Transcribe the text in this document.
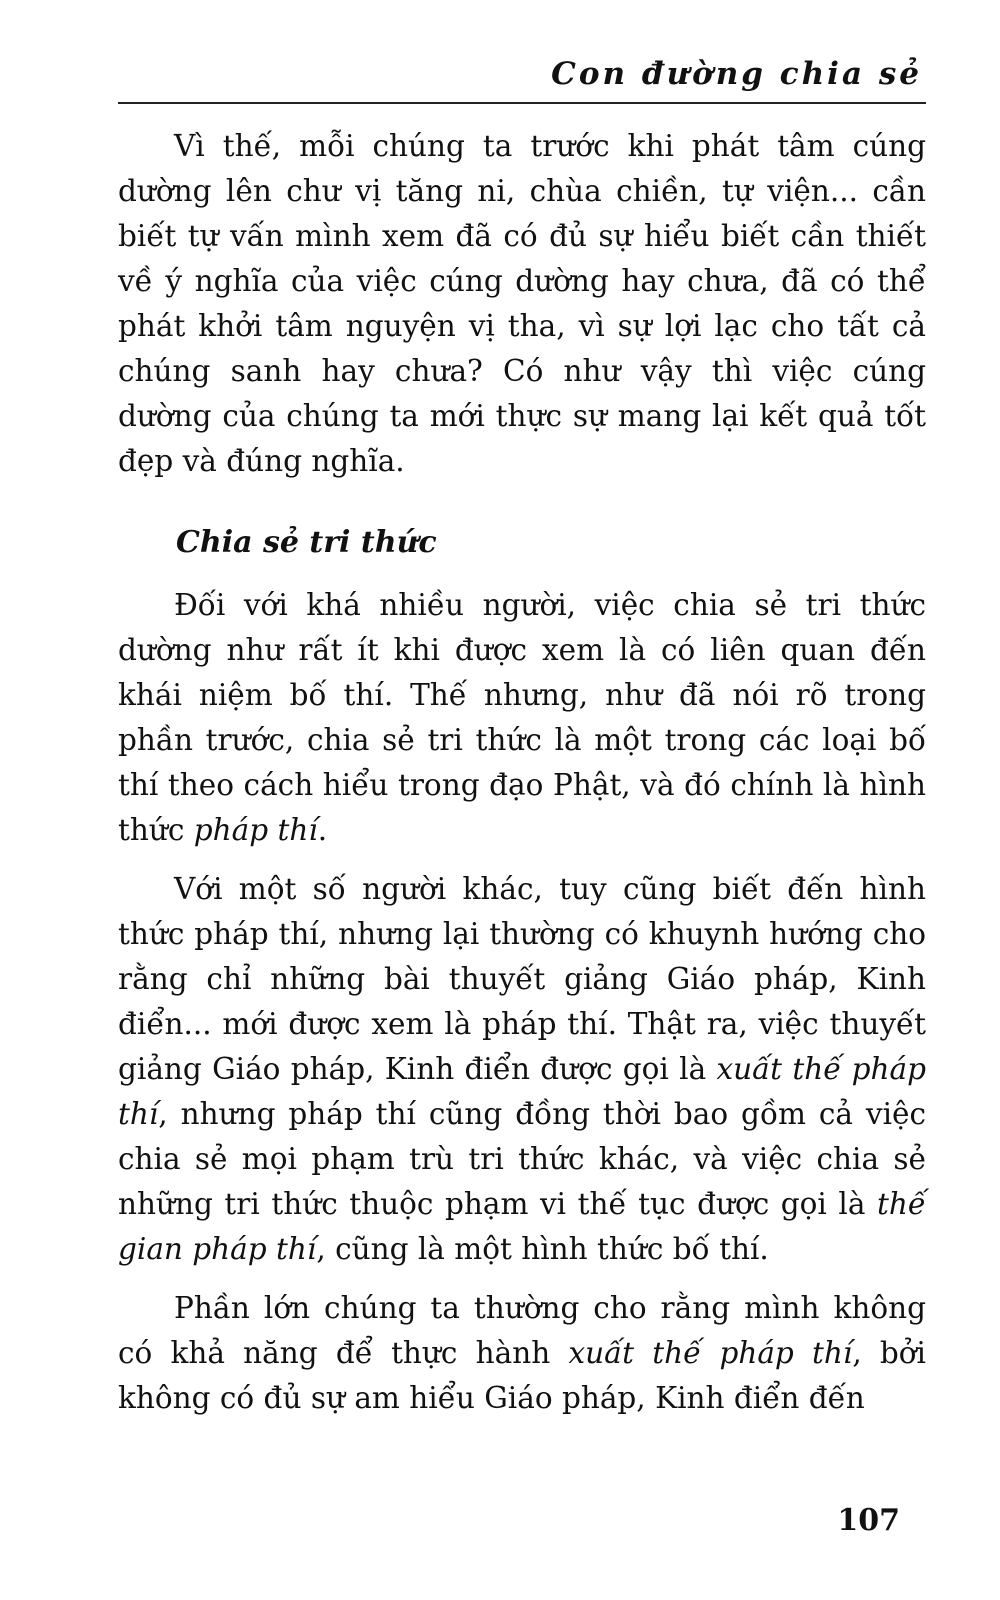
Con đường chia sẻ

Vì thế, mỗi chúng ta trước khi phát tâm cúng dường lên chư vị tăng ni, chùa chiền, tự viện... cần biết tự vấn mình xem đã có đủ sự hiểu biết cần thiết về ý nghĩa của việc cúng dường hay chưa, đã có thể phát khởi tâm nguyện vị tha, vì sự lợi lạc cho tất cả chúng sanh hay chưa? Có như vậy thì việc cúng dường của chúng ta mới thực sự mang lại kết quả tốt đẹp và đúng nghĩa.

Chia sẻ tri thức

Đối với khá nhiều người, việc chia sẻ tri thức dường như rất ít khi được xem là có liên quan đến khái niệm bố thí. Thế nhưng, như đã nói rõ trong phần trước, chia sẻ tri thức là một trong các loại bố thí theo cách hiểu trong đạo Phật, và đó chính là hình thức pháp thí.

Với một số người khác, tuy cũng biết đến hình thức pháp thí, nhưng lại thường có khuynh hướng cho rằng chỉ những bài thuyết giảng Giáo pháp, Kinh điển... mới được xem là pháp thí. Thật ra, việc thuyết giảng Giáo pháp, Kinh điển được gọi là xuất thế pháp thí, nhưng pháp thí cũng đồng thời bao gồm cả việc chia sẻ mọi phạm trù tri thức khác, và việc chia sẻ những tri thức thuộc phạm vi thế tục được gọi là thế gian pháp thí, cũng là một hình thức bố thí.

Phần lớn chúng ta thường cho rằng mình không có khả năng để thực hành xuất thế pháp thí, bởi không có đủ sự am hiểu Giáo pháp, Kinh điển đến

107
